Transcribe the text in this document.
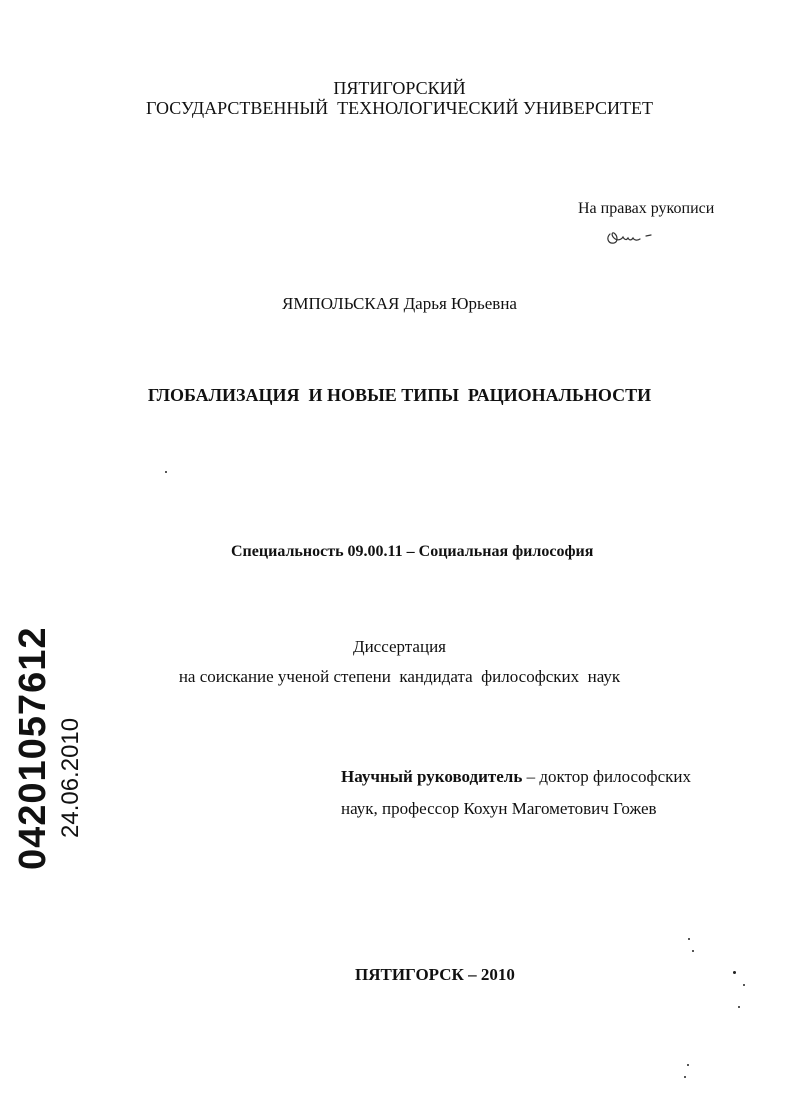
ПЯТИГОРСКИЙ
ГОСУДАРСТВЕННЫЙ  ТЕХНОЛОГИЧЕСКИЙ УНИВЕРСИТЕТ
На правах рукописи
ЯМПОЛЬСКАЯ Дарья Юрьевна
ГЛОБАЛИЗАЦИЯ  И НОВЫЕ ТИПЫ  РАЦИОНАЛЬНОСТИ
Специальность 09.00.11 – Социальная философия
Диссертация
на соискание ученой степени  кандидата  философских  наук
Научный руководитель – доктор философских
наук, профессор Кохун Магометович Гожев
ПЯТИГОРСК – 2010
04201057612 24.06.2010
